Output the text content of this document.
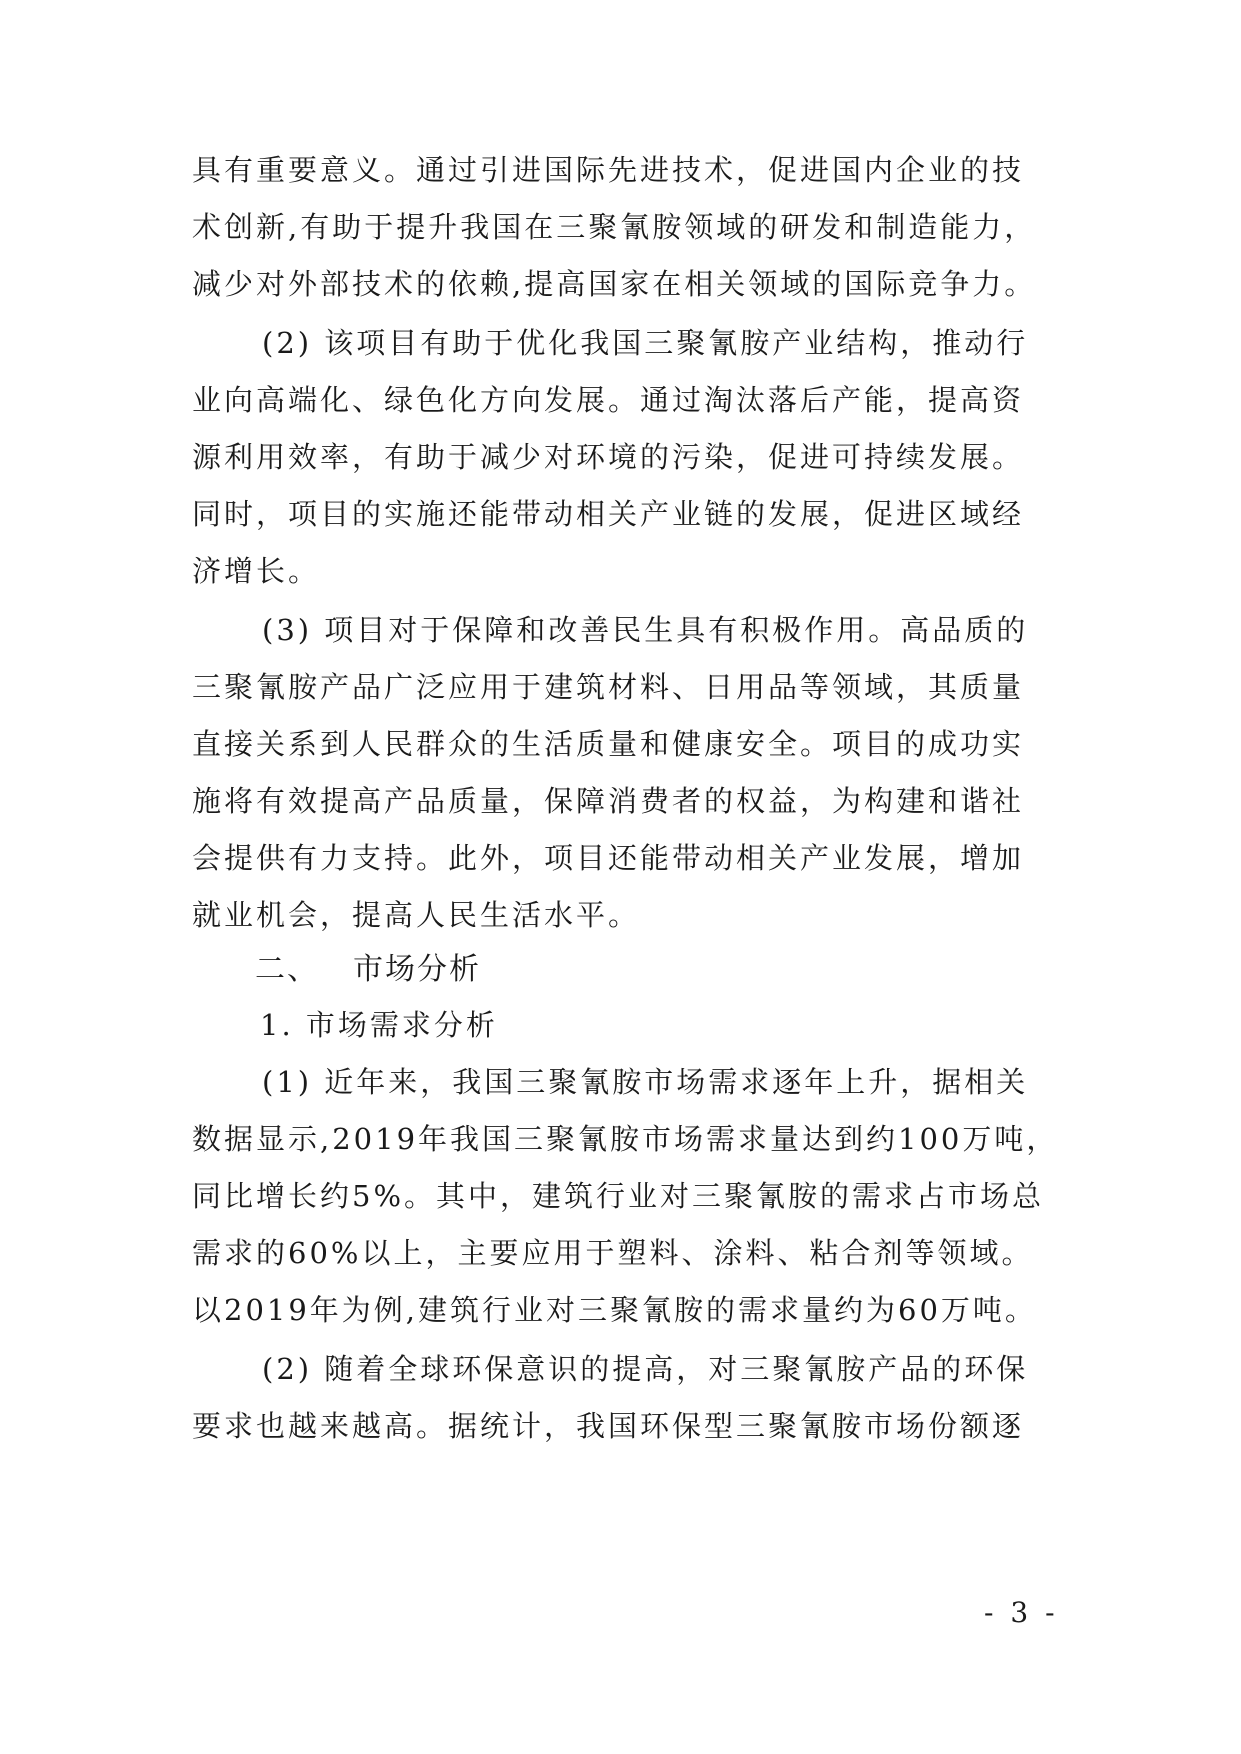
具有重要意义。通过引进国际先进技术，促进国内企业的技
术创新,有助于提升我国在三聚氰胺领域的研发和制造能力，
减少对外部技术的依赖,提高国家在相关领域的国际竞争力。
(2) 该项目有助于优化我国三聚氰胺产业结构，推动行
业向高端化、绿色化方向发展。通过淘汰落后产能，提高资
源利用效率，有助于减少对环境的污染，促进可持续发展。
同时，项目的实施还能带动相关产业链的发展，促进区域经
济增长。
(3) 项目对于保障和改善民生具有积极作用。高品质的
三聚氰胺产品广泛应用于建筑材料、日用品等领域，其质量
直接关系到人民群众的生活质量和健康安全。项目的成功实
施将有效提高产品质量，保障消费者的权益，为构建和谐社
会提供有力支持。此外，项目还能带动相关产业发展，增加
就业机会，提高人民生活水平。
二、 市场分析
1. 市场需求分析
(1) 近年来，我国三聚氰胺市场需求逐年上升，据相关
数据显示,2019年我国三聚氰胺市场需求量达到约100万吨，
同比增长约5%。其中，建筑行业对三聚氰胺的需求占市场总
需求的60%以上，主要应用于塑料、涂料、粘合剂等领域。
以2019年为例,建筑行业对三聚氰胺的需求量约为60万吨。
(2) 随着全球环保意识的提高，对三聚氰胺产品的环保
要求也越来越高。据统计，我国环保型三聚氰胺市场份额逐
- 3 -
